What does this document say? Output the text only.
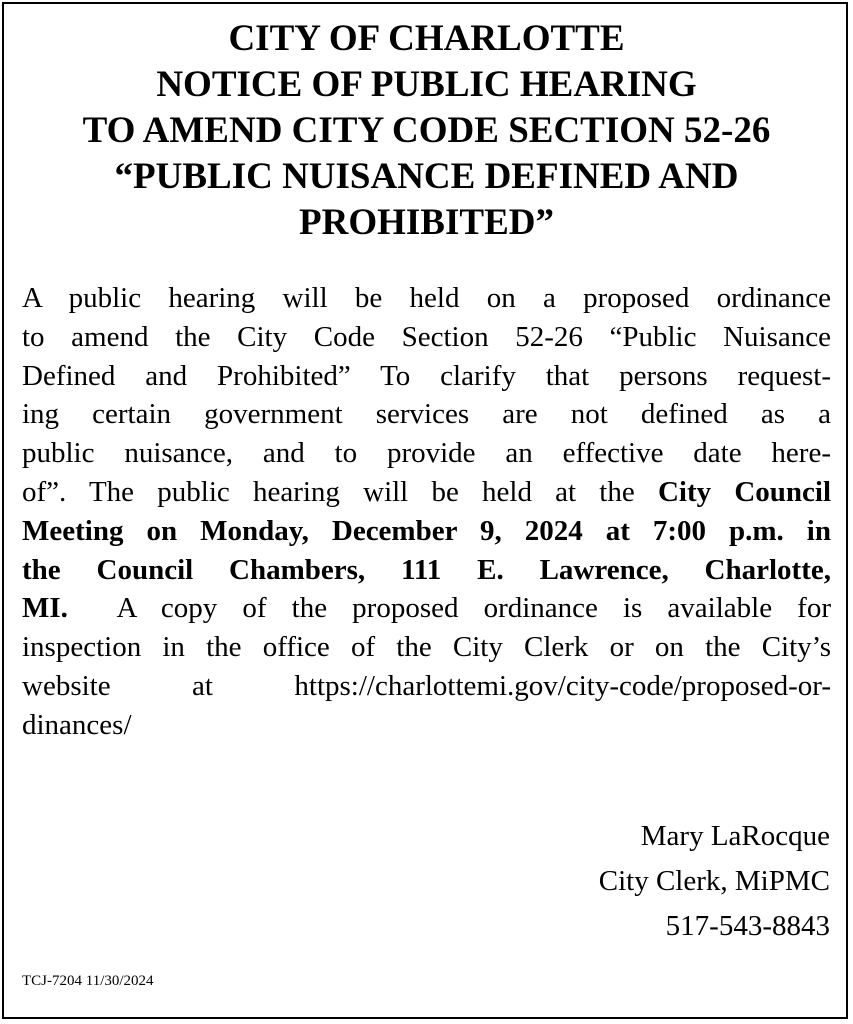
CITY OF CHARLOTTE
NOTICE OF PUBLIC HEARING
TO AMEND CITY CODE SECTION 52-26
“PUBLIC NUISANCE DEFINED AND
PROHIBITED”
A public hearing will be held on a proposed ordinance
to amend the City Code Section 52-26 “Public Nuisance
Defined and Prohibited” To clarify that persons request-
ing certain government services are not defined as a
public nuisance, and to provide an effective date here-
of”. The public hearing will be held at the City Council
Meeting on Monday, December 9, 2024 at 7:00 p.m. in
the Council Chambers, 111 E. Lawrence, Charlotte,
MI.  A copy of the proposed ordinance is available for
inspection in the office of the City Clerk or on the City’s
website at https://charlottemi.gov/city-code/proposed-or-
dinances/
Mary LaRocque
City Clerk, MiPMC
517-543-8843
TCJ-7204 11/30/2024
